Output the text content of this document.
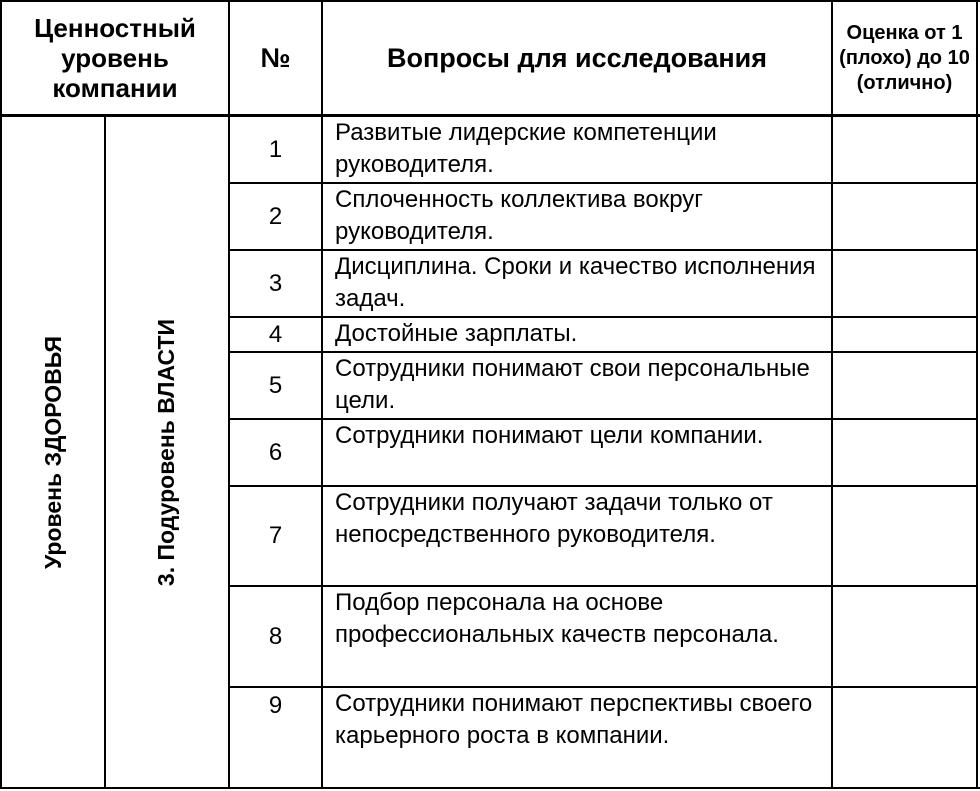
Ценностный уровень компании
№	Вопросы для исследования
Оценка от 1 (плохо) до 10 (отлично)
Уровень ЗДОРОВЬЯ	3. Подуровень ВЛАСТИ
1
Развитые лидерские компетенции руководителя.
2
Сплоченность коллектива вокруг руководителя.
3
Дисциплина. Сроки и качество исполнения задач.
4 Достойные зарплаты.
5
Сотрудники понимают свои персональные цели.
6
Сотрудники понимают цели компании.
7
Сотрудники получают задачи только от непосредственного руководителя.
8
Подбор персонала на основе профессиональных качеств персонала.
9 Сотрудники понимают перспективы своего карьерного роста в компании.
